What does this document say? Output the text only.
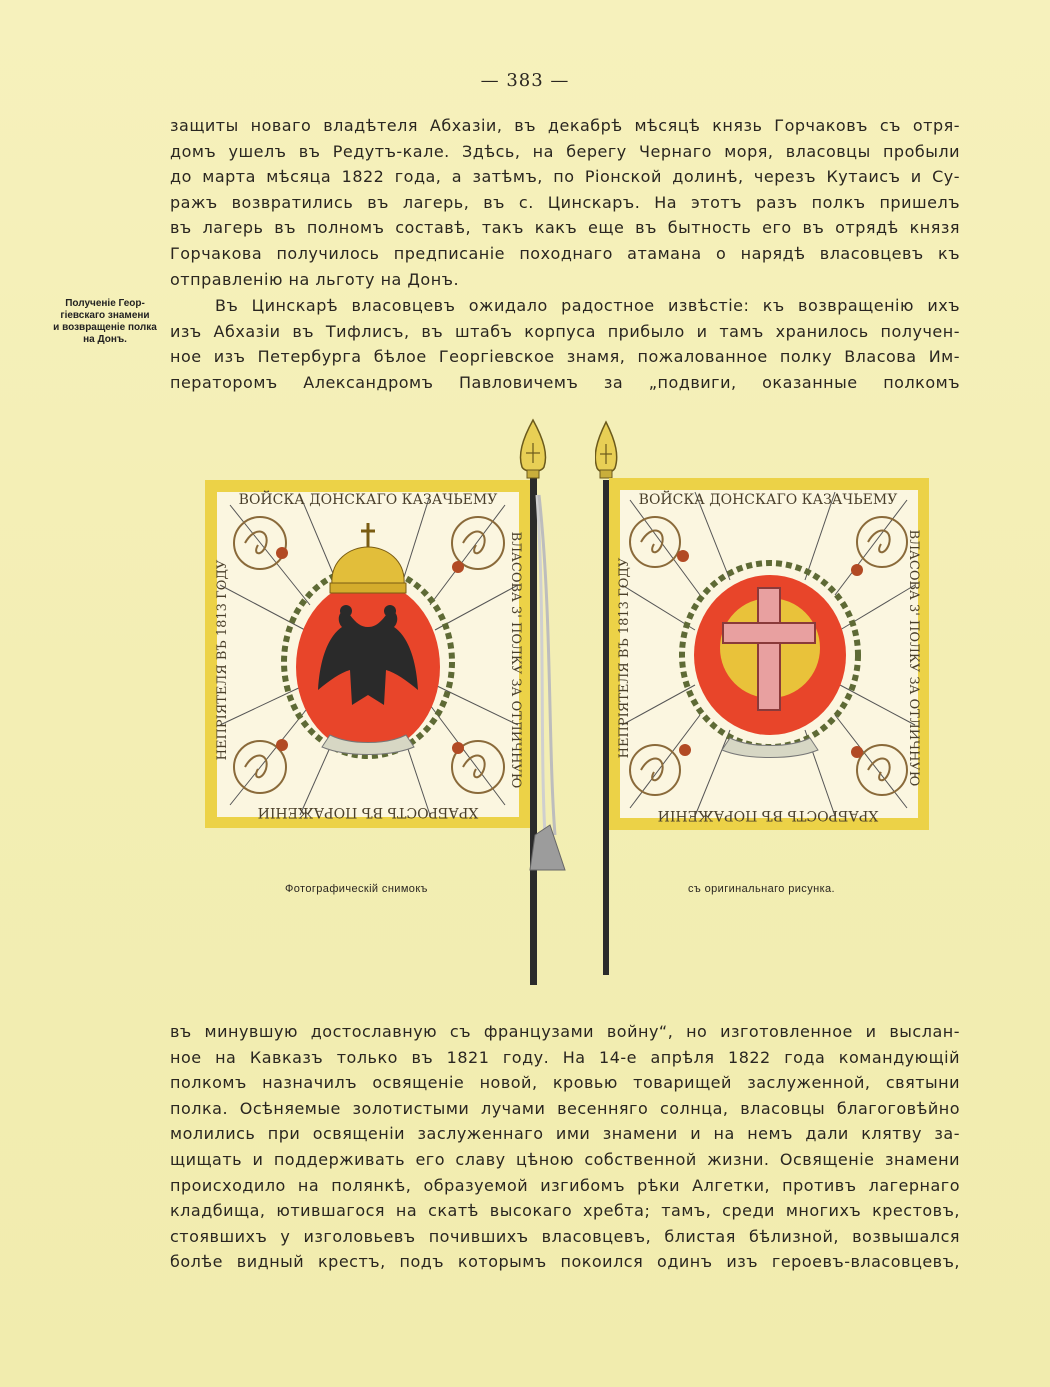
— 383 —
защиты новаго владѣтеля Абхазіи, въ декабрѣ мѣсяцѣ князь Горчаковъ съ отря-
домъ ушелъ въ Редутъ-кале. Здѣсь, на берегу Чернаго моря, власовцы пробыли
до марта мѣсяца 1822 года, а затѣмъ, по Ріонской долинѣ, черезъ Кутаисъ и Су-
ражъ возвратились въ лагерь, въ с. Цинскаръ. На этотъ разъ полкъ пришелъ
въ лагерь въ полномъ составѣ, такъ какъ еще въ бытность его въ отрядѣ князя
Горчакова получилось предписаніе походнаго атамана о нарядѣ власовцевъ къ
отправленію на льготу на Донъ.
Полученіе Геор-
гіевскаго знамени
и возвращеніе полка
на Донъ.
Въ Цинскарѣ власовцевъ ожидало радостное извѣстіе: къ возвращенію ихъ
изъ Абхазіи въ Тифлисъ, въ штабъ корпуса прибыло и тамъ хранилось получен-
ное изъ Петербурга бѣлое Георгіевское знамя, пожалованное полку Власова Им-
ператоромъ Александромъ Павловичемъ за „подвиги, оказанные полкомъ
ВОЙСКА ДОНСКАГО КАЗАЧЬЕМУ
ВЛАСОВА 3' ПОЛКУ ЗА ОТЛИЧНУЮ
НЕПРІЯТЕЛЯ ВЪ 1813 ГОДУ
ХРАБРОСТЬ ВЪ ПОРАЖЕНІИ
ВОЙСКА ДОНСКАГО КАЗАЧЬЕМУ
ВЛАСОВА 3' ПОЛКУ ЗА ОТЛИЧНУЮ
НЕПРІЯТЕЛЯ ВЪ 1813 ГОДУ
ХРАБРОСТЬ ВЪ ПОРАЖЕНІИ
Фотографическій снимокъ	съ оригинальнаго рисунка.
въ минувшую достославную съ французами войну“, но изготовленное и выслан-
ное на Кавказъ только въ 1821 году. На 14-е апрѣля 1822 года командующій
полкомъ назначилъ освященіе новой, кровью товарищей заслуженной, святыни
полка. Осѣняемые золотистыми лучами весенняго солнца, власовцы благоговѣйно
молились при освященіи заслуженнаго ими знамени и на немъ дали клятву за-
щищать и поддерживать его славу цѣною собственной жизни. Освященіе знамени
происходило на полянкѣ, образуемой изгибомъ рѣки Алгетки, противъ лагернаго
кладбища, ютившагося на скатѣ высокаго хребта; тамъ, среди многихъ крестовъ,
стоявшихъ у изголовьевъ почившихъ власовцевъ, блистая бѣлизной, возвышался
болѣе видный крестъ, подъ которымъ покоился одинъ изъ героевъ-власовцевъ,
